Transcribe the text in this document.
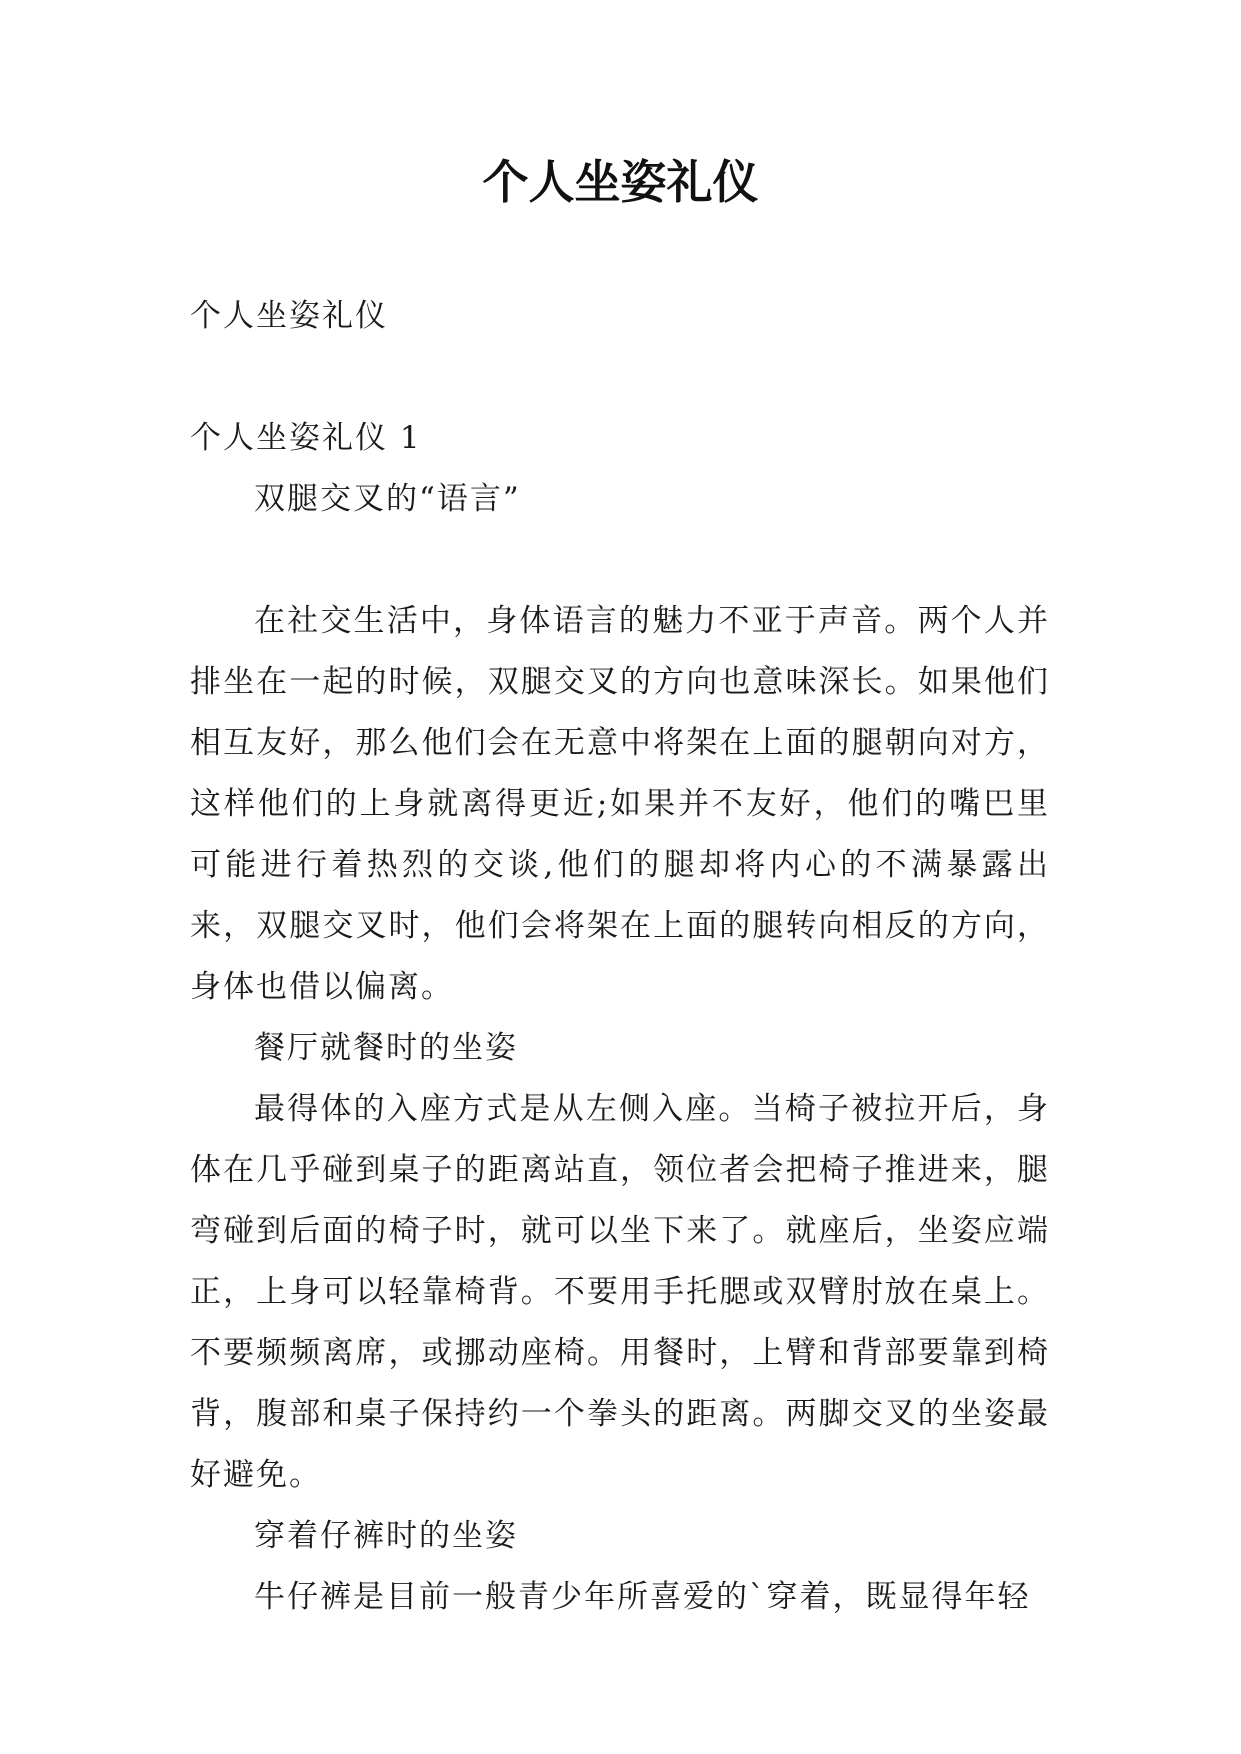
个人坐姿礼仪

个人坐姿礼仪

个人坐姿礼仪 1

双腿交叉的“语言”

在社交生活中，身体语言的魅力不亚于声音。两个人并排坐在一起的时候，双腿交叉的方向也意味深长。如果他们相互友好，那么他们会在无意中将架在上面的腿朝向对方，这样他们的上身就离得更近;如果并不友好，他们的嘴巴里可能进行着热烈的交谈,他们的腿却将内心的不满暴露出来，双腿交叉时，他们会将架在上面的腿转向相反的方向，身体也借以偏离。

餐厅就餐时的坐姿

最得体的入座方式是从左侧入座。当椅子被拉开后，身体在几乎碰到桌子的距离站直，领位者会把椅子推进来，腿弯碰到后面的椅子时，就可以坐下来了。就座后，坐姿应端正，上身可以轻靠椅背。不要用手托腮或双臂肘放在桌上。不要频频离席，或挪动座椅。用餐时，上臂和背部要靠到椅背，腹部和桌子保持约一个拳头的距离。两脚交叉的坐姿最好避免。

穿着仔裤时的坐姿

牛仔裤是目前一般青少年所喜爱的`穿着，既显得年轻
